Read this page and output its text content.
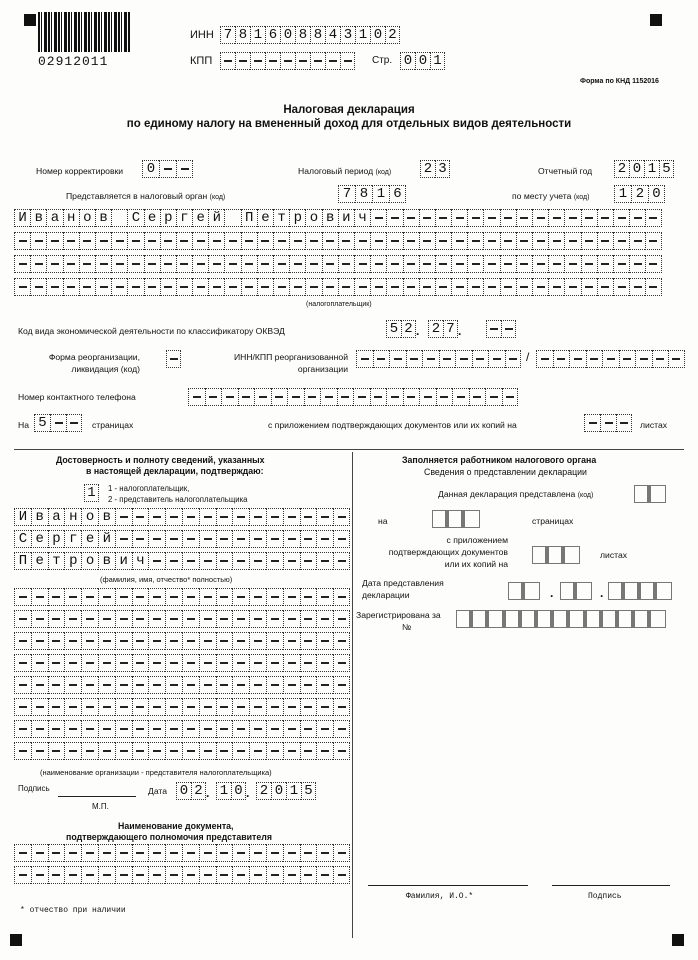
02912011
ИНН 7 8 1 6 0 8 8 4 3 1 0 2
КПП	Стр. 0 0 1
Форма по КНД 1152016
Налоговая декларация
по единому налогу на вмененный доход для отдельных видов деятельности
Номер корректировки	0	Налоговый период (код) 2 3	Отчетный год 2 0 1 5
Представляется в налоговый орган (код)	7 8 1 6	по месту учета (код)	1 2 0
И в а н о в	С е р г е й	П е т р о в и ч
(налогоплательщик)
Код вида экономической деятельности по классификатору ОКВЭД	5 2 . 2 7 .
Форма реорганизации,
ликвидация (код)
ИНН/КПП реорганизованной
организации
/
Номер контактного телефона
На 5	страницах	с приложением подтверждающих документов или их копий на	листах
Достоверность и полноту сведений, указанных
в настоящей декларации, подтверждаю:
1	1 - налогоплательщик,
2 - представитель налогоплательщика
И в а н о в
С е р г е й
П е т р о в и ч
(фамилия, имя, отчество* полностью)
(наименование организации - представителя налогоплательщика)
Подпись
М.П.
Дата 0 2 . 1 0 . 2 0 1 5
Наименование документа,
подтверждающего полномочия представителя
* отчество при наличии
Заполняется работником налогового органа
Сведения о представлении декларации
Данная декларация представлена (код)
на	страницах
с приложением
подтверждающих документов
или их копий на
листах
Дата представления
декларации	.	.
Зарегистрирована за
№
Фамилия, И.О.*	Подпись
